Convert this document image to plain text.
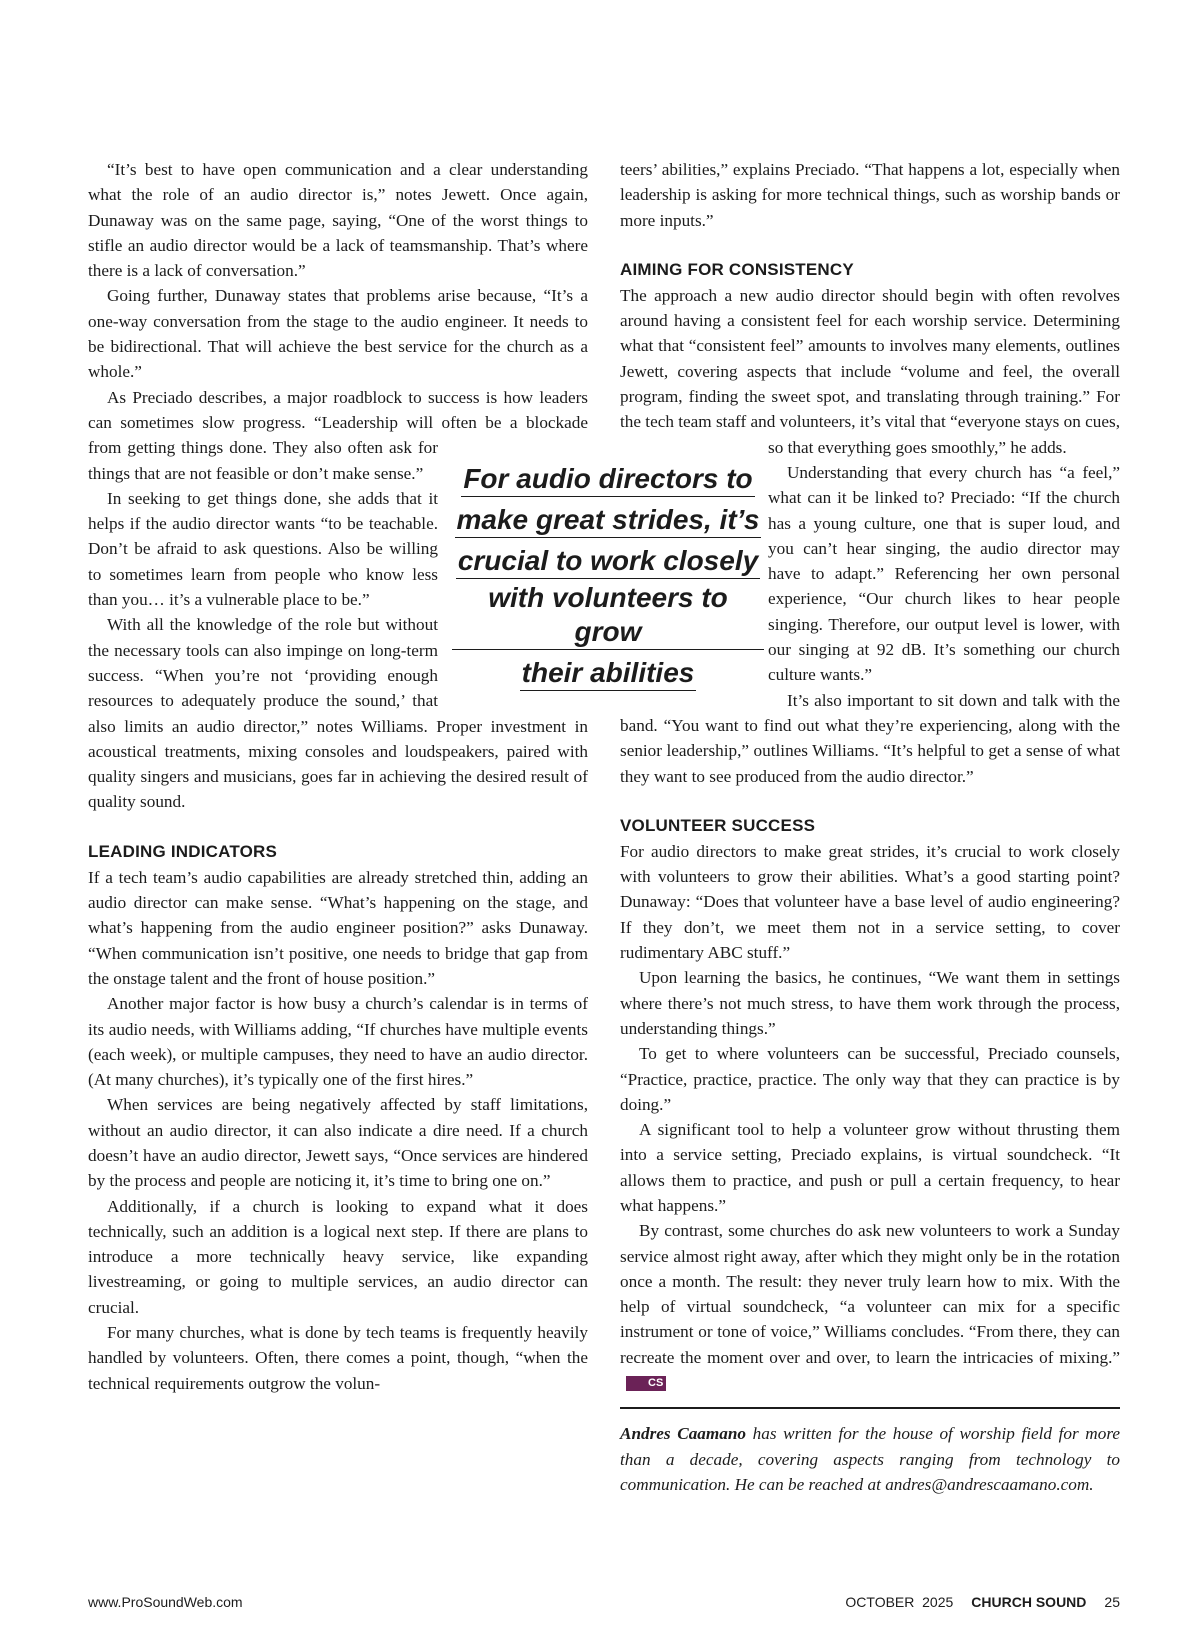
“It’s best to have open communication and a clear understanding what the role of an audio director is,” notes Jewett. Once again, Dunaway was on the same page, saying, “One of the worst things to stifle an audio director would be a lack of teamsmanship. That’s where there is a lack of conversation.”

Going further, Dunaway states that problems arise because, “It’s a one-way conversation from the stage to the audio engineer. It needs to be bidirectional. That will achieve the best service for the church as a whole.”

As Preciado describes, a major roadblock to success is how leaders can sometimes slow progress. “Leadership will often be a blockade from getting things done. They also often ask for things that are not feasible or don’t make sense.”

In seeking to get things done, she adds that it helps if the audio director wants “to be teachable. Don’t be afraid to ask questions. Also be willing to sometimes learn from people who know less than you… it’s a vulnerable place to be.”

With all the knowledge of the role but without the necessary tools can also impinge on long-term success. “When you’re not ‘providing enough resources to adequately produce the sound,’ that also limits an audio director,” notes Williams. Proper investment in acoustical treatments, mixing consoles and loudspeakers, paired with quality singers and musicians, goes far in achieving the desired result of quality sound.

LEADING INDICATORS

If a tech team’s audio capabilities are already stretched thin, adding an audio director can make sense. “What’s happening on the stage, and what’s happening from the audio engineer position?” asks Dunaway. “When communication isn’t positive, one needs to bridge that gap from the onstage talent and the front of house position.”

Another major factor is how busy a church’s calendar is in terms of its audio needs, with Williams adding, “If churches have multiple events (each week), or multiple campuses, they need to have an audio director. (At many churches), it’s typically one of the first hires.”

When services are being negatively affected by staff limitations, without an audio director, it can also indicate a dire need. If a church doesn’t have an audio director, Jewett says, “Once services are hindered by the process and people are noticing it, it’s time to bring one on.”

Additionally, if a church is looking to expand what it does technically, such an addition is a logical next step. If there are plans to introduce a more technically heavy service, like expanding livestreaming, or going to multiple services, an audio director can crucial.

For many churches, what is done by tech teams is frequently heavily handled by volunteers. Often, there comes a point, though, “when the technical requirements outgrow the volun-

For audio directors to
make great strides, it’s
crucial to work closely
with volunteers to grow
their abilities

teers’ abilities,” explains Preciado. “That happens a lot, especially when leadership is asking for more technical things, such as worship bands or more inputs.”

AIMING FOR CONSISTENCY

The approach a new audio director should begin with often revolves around having a consistent feel for each worship service. Determining what that “consistent feel” amounts to involves many elements, outlines Jewett, covering aspects that include “volume and feel, the overall program, finding the sweet spot, and translating through training.” For the tech team staff and volunteers, it’s vital that “everyone stays on cues, so that everything goes smoothly,” he adds.

Understanding that every church has “a feel,” what can it be linked to? Preciado: “If the church has a young culture, one that is super loud, and you can’t hear singing, the audio director may have to adapt.” Referencing her own personal experience, “Our church likes to hear people singing. Therefore, our output level is lower, with our singing at 92 dB. It’s something our church culture wants.”

It’s also important to sit down and talk with the band. “You want to find out what they’re experiencing, along with the senior leadership,” outlines Williams. “It’s helpful to get a sense of what they want to see produced from the audio director.”

VOLUNTEER SUCCESS

For audio directors to make great strides, it’s crucial to work closely with volunteers to grow their abilities. What’s a good starting point? Dunaway: “Does that volunteer have a base level of audio engineering? If they don’t, we meet them not in a service setting, to cover rudimentary ABC stuff.”

Upon learning the basics, he continues, “We want them in settings where there’s not much stress, to have them work through the process, understanding things.”

To get to where volunteers can be successful, Preciado counsels, “Practice, practice, practice. The only way that they can practice is by doing.”

A significant tool to help a volunteer grow without thrusting them into a service setting, Preciado explains, is virtual soundcheck. “It allows them to practice, and push or pull a certain frequency, to hear what happens.”

By contrast, some churches do ask new volunteers to work a Sunday service almost right away, after which they might only be in the rotation once a month. The result: they never truly learn how to mix. With the help of virtual soundcheck, “a volunteer can mix for a specific instrument or tone of voice,” Williams concludes. “From there, they can recreate the moment over and over, to learn the intricacies of mixing.”CS

Andres Caamano has written for the house of worship field for more than a decade, covering aspects ranging from technology to communication. He can be reached at andres@andrescaamano.com.

www.ProSoundWeb.com	OCTOBER  2025 CHURCH SOUND 25
